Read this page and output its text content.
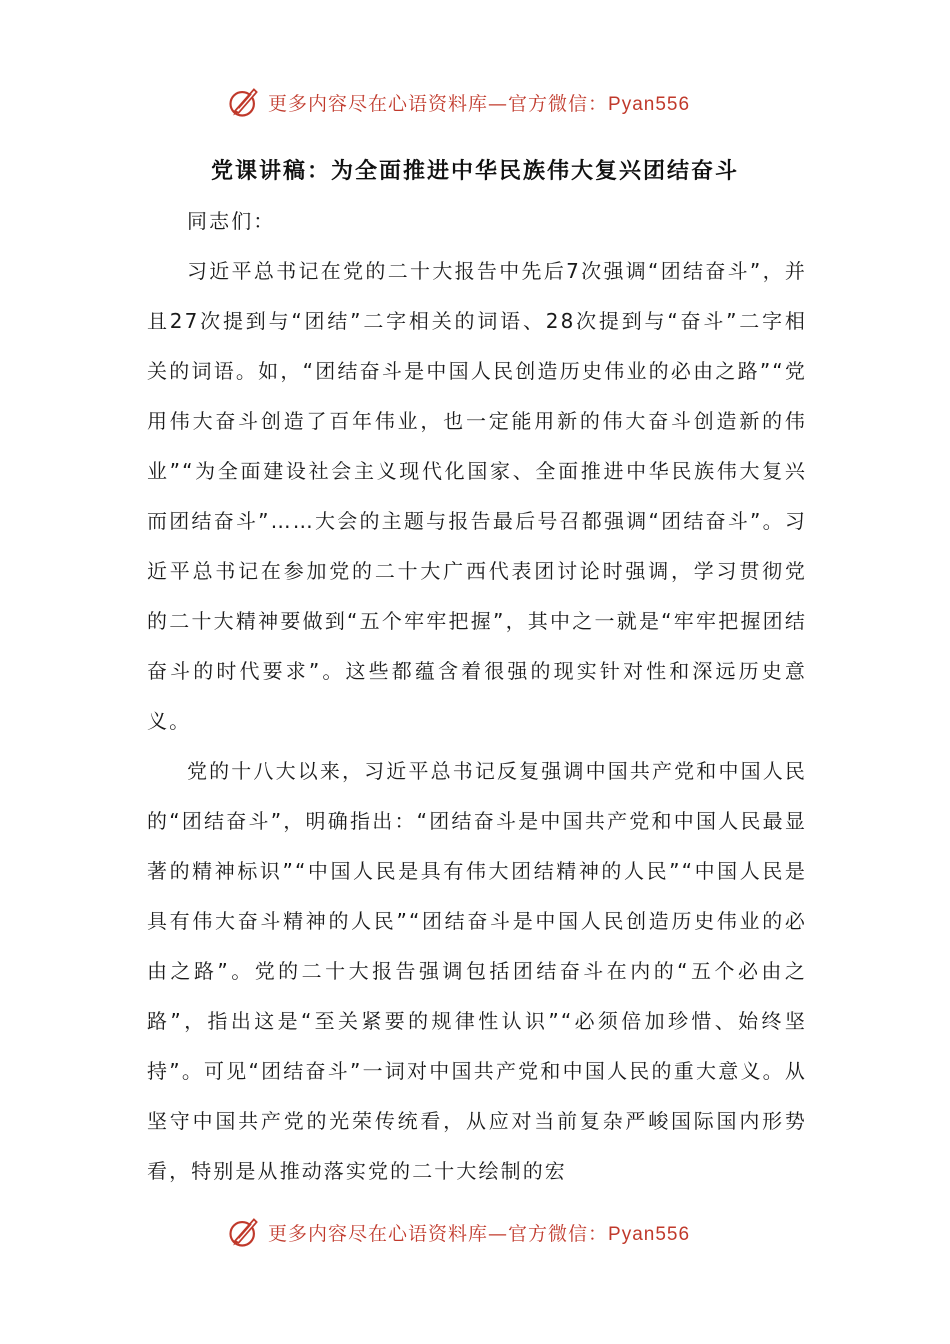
更多内容尽在心语资料库—官方微信：Pyan556
党课讲稿：为全面推进中华民族伟大复兴团结奋斗

同志们：

习近平总书记在党的二十大报告中先后7次强调“团结奋斗”，并且27次提到与“团结”二字相关的词语、28次提到与“奋斗”二字相关的词语。如，“团结奋斗是中国人民创造历史伟业的必由之路”“党用伟大奋斗创造了百年伟业，也一定能用新的伟大奋斗创造新的伟业”“为全面建设社会主义现代化国家、全面推进中华民族伟大复兴而团结奋斗”……大会的主题与报告最后号召都强调“团结奋斗”。习近平总书记在参加党的二十大广西代表团讨论时强调，学习贯彻党的二十大精神要做到“五个牢牢把握”，其中之一就是“牢牢把握团结奋斗的时代要求”。这些都蕴含着很强的现实针对性和深远历史意义。

党的十八大以来，习近平总书记反复强调中国共产党和中国人民的“团结奋斗”，明确指出：“团结奋斗是中国共产党和中国人民最显著的精神标识”“中国人民是具有伟大团结精神的人民”“中国人民是具有伟大奋斗精神的人民”“团结奋斗是中国人民创造历史伟业的必由之路”。党的二十大报告强调包括团结奋斗在内的“五个必由之路”，指出这是“至关紧要的规律性认识”“必须倍加珍惜、始终坚持”。可见“团结奋斗”一词对中国共产党和中国人民的重大意义。从坚守中国共产党的光荣传统看，从应对当前复杂严峻国际国内形势看，特别是从推动落实党的二十大绘制的宏

更多内容尽在心语资料库—官方微信：Pyan556
